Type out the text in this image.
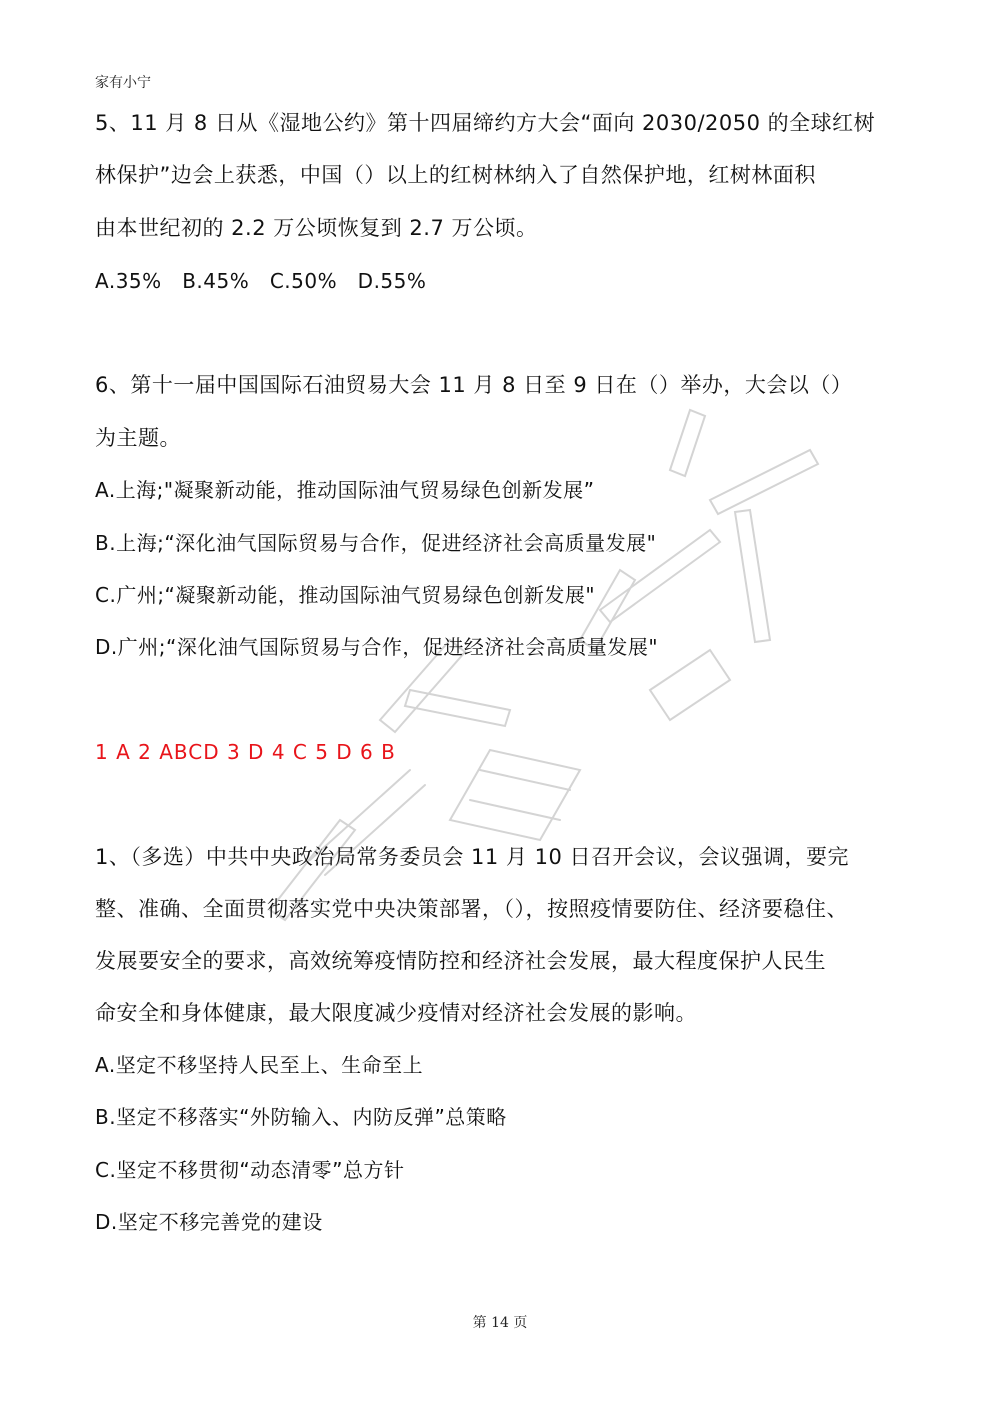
家有小宁
5、11 月 8 日从《湿地公约》第十四届缔约方大会“面向 2030/2050 的全球红树
林保护”边会上获悉，中国（）以上的红树林纳入了自然保护地，红树林面积
由本世纪初的 2.2 万公顷恢复到 2.7 万公顷。
A.35%   B.45%   C.50%   D.55%
6、第十一届中国国际石油贸易大会 11 月 8 日至 9 日在（）举办，大会以（）
为主题。
A.上海;"凝聚新动能，推动国际油气贸易绿色创新发展”
B.上海;“深化油气国际贸易与合作，促进经济社会高质量发展"
C.广州;“凝聚新动能，推动国际油气贸易绿色创新发展"
D.广州;“深化油气国际贸易与合作，促进经济社会高质量发展"
1 A 2 ABCD 3 D 4 C 5 D 6 B
1、（多选）中共中央政治局常务委员会 11 月 10 日召开会议，会议强调，要完
整、准确、全面贯彻落实党中央决策部署，（），按照疫情要防住、经济要稳住、
发展要安全的要求，高效统筹疫情防控和经济社会发展，最大程度保护人民生
命安全和身体健康，最大限度减少疫情对经济社会发展的影响。
A.坚定不移坚持人民至上、生命至上
B.坚定不移落实“外防输入、内防反弹”总策略
C.坚定不移贯彻“动态清零”总方针
D.坚定不移完善党的建设
第 14 页
